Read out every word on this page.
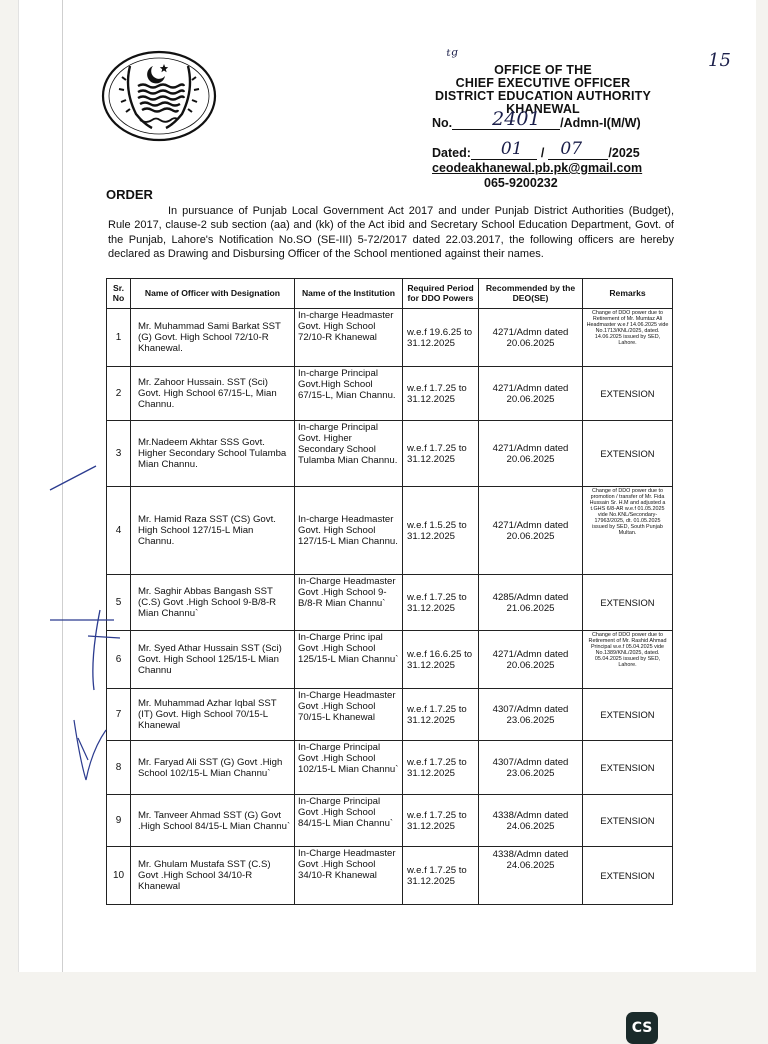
ᵗᵍ	15
OFFICE OF THE
CHIEF EXECUTIVE OFFICER
DISTRICT EDUCATION AUTHORITY
KHANEWAL
No. 2401 /Admn-I(M/W)
Dated: 01 / 07 /2025
ceodeakhanewal.pb.pk@gmail.com
065-9200232
ORDER
In pursuance of Punjab Local Government Act 2017 and under Punjab District Authorities (Budget), Rule 2017, clause-2 sub section (aa) and (kk) of the Act ibid and Secretary School Education Department, Govt. of the Punjab, Lahore's Notification No.SO (SE-III) 5-72/2017 dated 22.03.2017, the following officers are hereby declared as Drawing and Disbursing Officer of the School mentioned against their names.
Sr. No	Name of Officer with Designation	Name of the Institution	Required Period for DDO Powers	Recommended by the DEO(SE)	Remarks
1	Mr. Muhammad Sami Barkat SST (G) Govt. High School 72/10-R Khanewal.	In-charge Headmaster Govt. High School 72/10-R Khanewal	w.e.f 19.6.25 to 31.12.2025	4271/Admn dated 20.06.2025	Change of DDO power due to Retirement of Mr. Mumtaz Ali Headmaster w.e.f 14.06.2025 vide No.1713/KNL/2025, dated. 14.06.2025 issued by SED, Lahore.
2	Mr. Zahoor Hussain. SST (Sci) Govt. High School 67/15-L, Mian Channu.	In-charge Principal Govt.High School 67/15-L, Mian Channu.	w.e.f 1.7.25 to 31.12.2025	4271/Admn dated 20.06.2025	EXTENSION
3	Mr.Nadeem Akhtar SSS Govt. Higher Secondary School Tulamba Mian Channu.	In-charge Principal Govt. Higher Secondary School Tulamba Mian Channu.	w.e.f 1.7.25 to 31.12.2025	4271/Admn dated 20.06.2025	EXTENSION
4	Mr. Hamid Raza SST (CS) Govt. High School 127/15-L Mian Channu.	In-charge Headmaster Govt. High School 127/15-L Mian Channu.	w.e.f 1.5.25 to 31.12.2025	4271/Admn dated 20.06.2025	Change of DDO power due to promotion / transfer of Mr. Fida Hussain Sr. H.M and adjusted a t.GHS 6/8-AR w.e.f 01.05.2025 vide No.KNL/Secondary-17963/2025, dt. 01.05.2025 issued by SED, South Punjab Multan.
5	Mr. Saghir Abbas Bangash SST (C.S) Govt .High School 9-B/8-R Mian Channu`	In-Charge Headmaster Govt .High School 9-B/8-R Mian Channu`	w.e.f 1.7.25 to 31.12.2025	4285/Admn dated 21.06.2025	EXTENSION
6	Mr. Syed Athar Hussain SST (Sci) Govt. High School 125/15-L Mian Channu	In-Charge Princ ipal Govt .High School 125/15-L Mian Channu`	w.e.f 16.6.25 to 31.12.2025	4271/Admn dated 20.06.2025	Change of DDO power due to Retirement of Mr. Rashid Ahmad Principal w.e.f 05.04.2025 vide No.1389/KNL/2025, dated. 05.04.2025 issued by SED, Lahore.
7	Mr. Muhammad Azhar Iqbal SST (IT) Govt. High School 70/15-L Khanewal	In-Charge Headmaster Govt .High School 70/15-L Khanewal	w.e.f 1.7.25 to 31.12.2025	4307/Admn dated 23.06.2025	EXTENSION
8	Mr. Faryad Ali SST (G) Govt .High School 102/15-L Mian Channu`	In-Charge Principal Govt .High School 102/15-L Mian Channu`	w.e.f 1.7.25 to 31.12.2025	4307/Admn dated 23.06.2025	EXTENSION
9	Mr. Tanveer Ahmad SST (G) Govt .High School 84/15-L Mian Channu`	In-Charge Principal Govt .High School 84/15-L Mian Channu`	w.e.f 1.7.25 to 31.12.2025	4338/Admn dated 24.06.2025	EXTENSION
10	Mr. Ghulam Mustafa SST (C.S) Govt .High School 34/10-R Khanewal	In-Charge Headmaster Govt .High School 34/10-R Khanewal	w.e.f 1.7.25 to 31.12.2025	4338/Admn dated 24.06.2025	EXTENSION
CS
